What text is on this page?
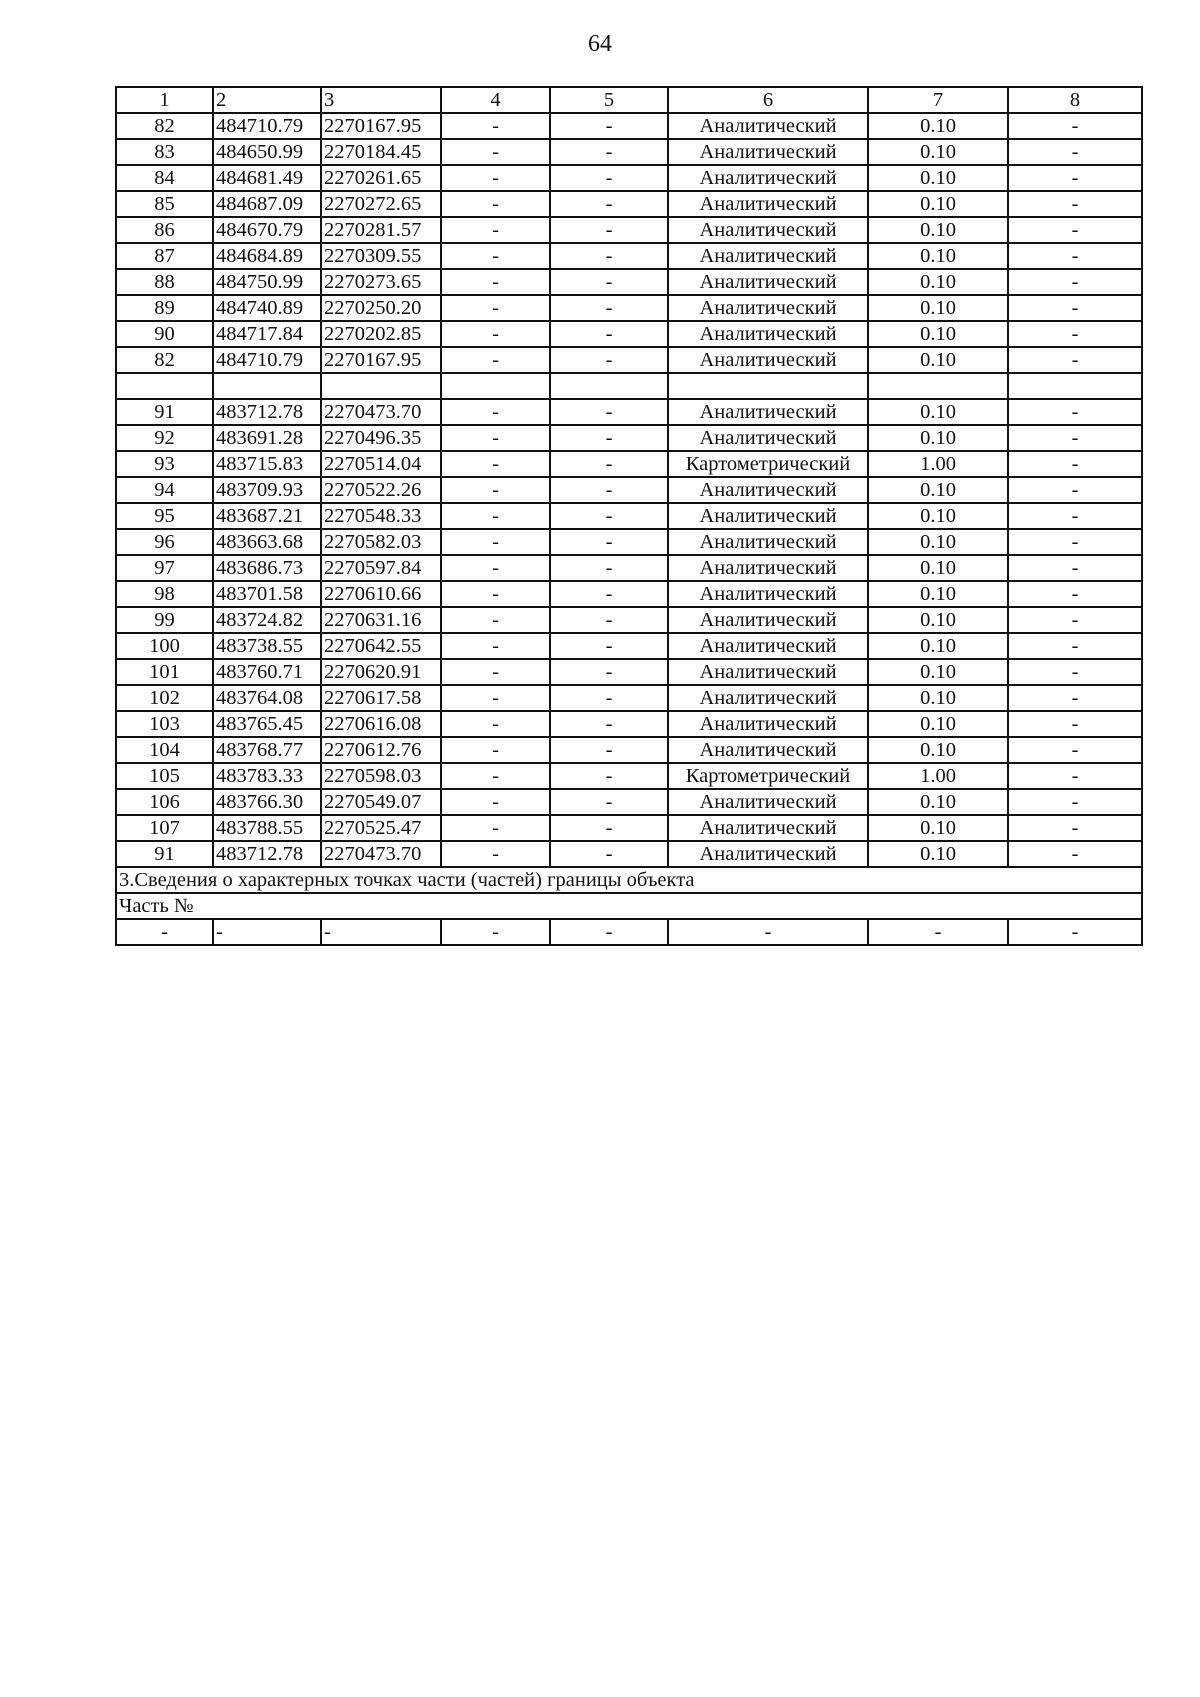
64
1	2	3	4	5	6	7	8
82	484710.79	2270167.95	-	-	Аналитический	0.10	-
83	484650.99	2270184.45	-	-	Аналитический	0.10	-
84	484681.49	2270261.65	-	-	Аналитический	0.10	-
85	484687.09	2270272.65	-	-	Аналитический	0.10	-
86	484670.79	2270281.57	-	-	Аналитический	0.10	-
87	484684.89	2270309.55	-	-	Аналитический	0.10	-
88	484750.99	2270273.65	-	-	Аналитический	0.10	-
89	484740.89	2270250.20	-	-	Аналитический	0.10	-
90	484717.84	2270202.85	-	-	Аналитический	0.10	-
82	484710.79	2270167.95	-	-	Аналитический	0.10	-

91	483712.78	2270473.70	-	-	Аналитический	0.10	-
92	483691.28	2270496.35	-	-	Аналитический	0.10	-
93	483715.83	2270514.04	-	-	Картометрический	1.00	-
94	483709.93	2270522.26	-	-	Аналитический	0.10	-
95	483687.21	2270548.33	-	-	Аналитический	0.10	-
96	483663.68	2270582.03	-	-	Аналитический	0.10	-
97	483686.73	2270597.84	-	-	Аналитический	0.10	-
98	483701.58	2270610.66	-	-	Аналитический	0.10	-
99	483724.82	2270631.16	-	-	Аналитический	0.10	-
100	483738.55	2270642.55	-	-	Аналитический	0.10	-
101	483760.71	2270620.91	-	-	Аналитический	0.10	-
102	483764.08	2270617.58	-	-	Аналитический	0.10	-
103	483765.45	2270616.08	-	-	Аналитический	0.10	-
104	483768.77	2270612.76	-	-	Аналитический	0.10	-
105	483783.33	2270598.03	-	-	Картометрический	1.00	-
106	483766.30	2270549.07	-	-	Аналитический	0.10	-
107	483788.55	2270525.47	-	-	Аналитический	0.10	-
91	483712.78	2270473.70	-	-	Аналитический	0.10	-
3.Сведения о характерных точках части (частей) границы объекта							
Часть №							
-	-	-	-	-	-	-	-
